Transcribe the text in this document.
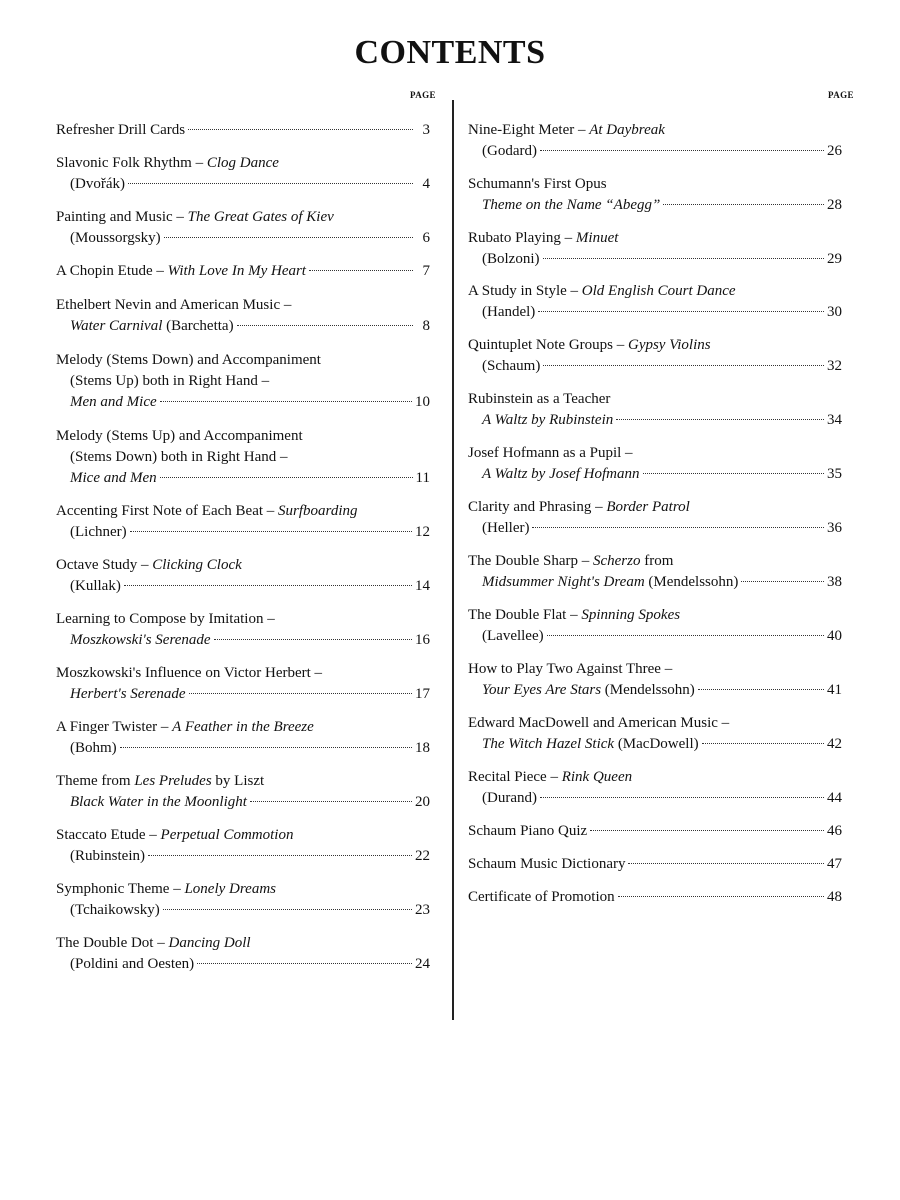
CONTENTS
PAGE	PAGE
Refresher Drill Cards	3
Slavonic Folk Rhythm – Clog Dance
(Dvořák)	4
Painting and Music – The Great Gates of Kiev
(Moussorgsky)	6
A Chopin Etude – With Love In My Heart	7
Ethelbert Nevin and American Music –
Water Carnival (Barchetta)	8
Melody (Stems Down) and Accompaniment
(Stems Up) both in Right Hand –
Men and Mice	10
Melody (Stems Up) and Accompaniment
(Stems Down) both in Right Hand –
Mice and Men	11
Accenting First Note of Each Beat – Surfboarding
(Lichner)	12
Octave Study – Clicking Clock
(Kullak)	14
Learning to Compose by Imitation –
Moszkowski's Serenade	16
Moszkowski's Influence on Victor Herbert –
Herbert's Serenade	17
A Finger Twister – A Feather in the Breeze
(Bohm)	18
Theme from Les Preludes by Liszt
Black Water in the Moonlight	20
Staccato Etude – Perpetual Commotion
(Rubinstein)	22
Symphonic Theme – Lonely Dreams
(Tchaikowsky)	23
The Double Dot – Dancing Doll
(Poldini and Oesten)	24
Nine-Eight Meter – At Daybreak
(Godard)	26
Schumann's First Opus
Theme on the Name “Abegg”	28
Rubato Playing – Minuet
(Bolzoni)	29
A Study in Style – Old English Court Dance
(Handel)	30
Quintuplet Note Groups – Gypsy Violins
(Schaum)	32
Rubinstein as a Teacher
A Waltz by Rubinstein	34
Josef Hofmann as a Pupil –
A Waltz by Josef Hofmann	35
Clarity and Phrasing – Border Patrol
(Heller)	36
The Double Sharp – Scherzo from
Midsummer Night's Dream (Mendelssohn)	38
The Double Flat – Spinning Spokes
(Lavellee)	40
How to Play Two Against Three –
Your Eyes Are Stars (Mendelssohn)	41
Edward MacDowell and American Music –
The Witch Hazel Stick (MacDowell)	42
Recital Piece – Rink Queen
(Durand)	44
Schaum Piano Quiz	46
Schaum Music Dictionary	47
Certificate of Promotion	48
